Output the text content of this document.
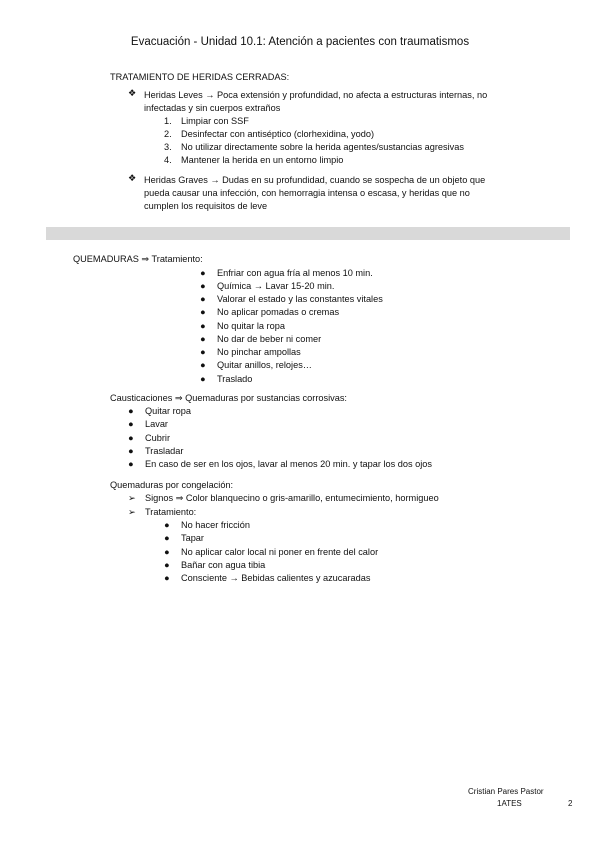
Evacuación - Unidad 10.1: Atención a pacientes con traumatismos
TRATAMIENTO DE HERIDAS CERRADAS:
❖ Heridas Leves → Poca extensión y profundidad, no afecta a estructuras internas, no
infectadas y sin cuerpos extraños
1. Limpiar con SSF
2. Desinfectar con antiséptico (clorhexidina, yodo)
3. No utilizar directamente sobre la herida agentes/sustancias agresivas
4. Mantener la herida en un entorno limpio
❖ Heridas Graves → Dudas en su profundidad, cuando se sospecha de un objeto que
pueda causar una infección, con hemorragia intensa o escasa, y heridas que no
cumplen los requisitos de leve
QUEMADURAS ⇒ Tratamiento:
● Enfriar con agua fría al menos 10 min.
● Química → Lavar 15-20 min.
● Valorar el estado y las constantes vitales
● No aplicar pomadas o cremas
● No quitar la ropa
● No dar de beber ni comer
● No pinchar ampollas
● Quitar anillos, relojes…
● Traslado
Causticaciones ⇒ Quemaduras por sustancias corrosivas:
● Quitar ropa
● Lavar
● Cubrir
● Trasladar
● En caso de ser en los ojos, lavar al menos 20 min. y tapar los dos ojos
Quemaduras por congelación:
➢ Signos ⇒ Color blanquecino o gris-amarillo, entumecimiento, hormigueo
➢ Tratamiento:
● No hacer fricción
● Tapar
● No aplicar calor local ni poner en frente del calor
● Bañar con agua tibia
● Consciente → Bebidas calientes y azucaradas
Cristian Pares Pastor
1ATES	2
